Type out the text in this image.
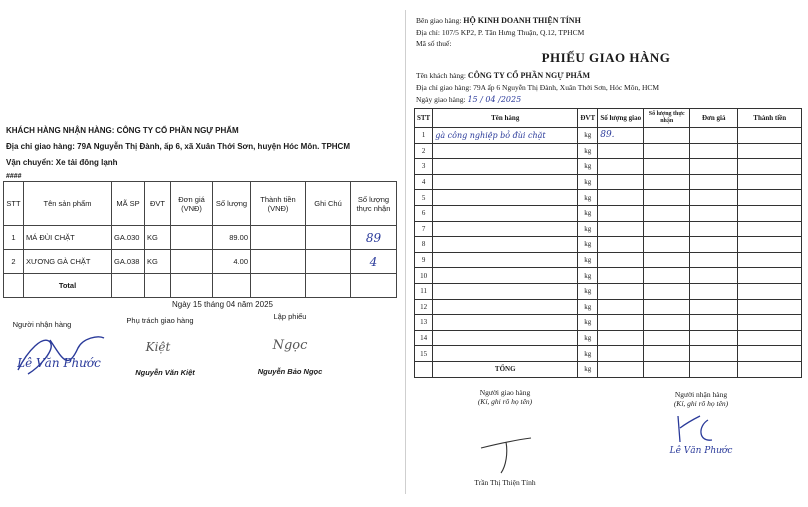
KHÁCH HÀNG NHẬN HÀNG: CÔNG TY CỔ PHẦN NGỰ PHẨM
Địa chỉ giao hàng: 79A Nguyễn Thị Đành, ấp 6, xã Xuân Thới Sơn, huyện Hóc Môn. TPHCM
Vận chuyển: Xe tải đông lạnh
####
STT	Tên sản phẩm	MÃ SP	ĐVT	Đơn giá (VNĐ)	Số lượng	Thành tiền (VNĐ)	Ghi Chú	Số lượng thực nhận
1	MÁ ĐÙI CHẶT	GA.030	KG		89.00			89
2	XƯƠNG GÀ CHẶT	GA.038	KG		4.00			4
	Total							
Ngày 15 tháng 04 năm 2025
Người nhận hàng	Phụ trách giao hàng	Lập phiếu
Lê Văn Phước
Kiệt
Nguyễn Văn Kiệt
Ngọc
Nguyễn Bảo Ngọc
Bên giao hàng: HỘ KINH DOANH THIỆN TÍNH
Địa chỉ: 107/5 KP2, P. Tân Hưng Thuận, Q.12, TPHCM
Mã số thuế:
PHIẾU GIAO HÀNG
Tên khách hàng: CÔNG TY CỔ PHẦN NGỰ PHẨM
Địa chỉ giao hàng: 79A ấp 6 Nguyễn Thị Đành, Xuân Thới Sơn, Hóc Môn, HCM
Ngày giao hàng: 15 / 04 /2025
STT	Tên hàng	ĐVT	Số lượng giao	Số lượng thực nhận	Đơn giá	Thành tiền
1	gà công nghiệp bỏ đùi chặt	kg	89.			
2		kg				
3		kg				
4		kg				
5		kg				
6		kg				
7		kg				
8		kg				
9		kg				
10		kg				
11		kg				
12		kg				
13		kg				
14		kg				
15		kg				
	TỔNG	kg				
Người giao hàng
(Kí, ghi rõ họ tên)
Trần Thị Thiện Tính
Người nhận hàng
(Kí, ghi rõ họ tên)
Lê Văn Phước
